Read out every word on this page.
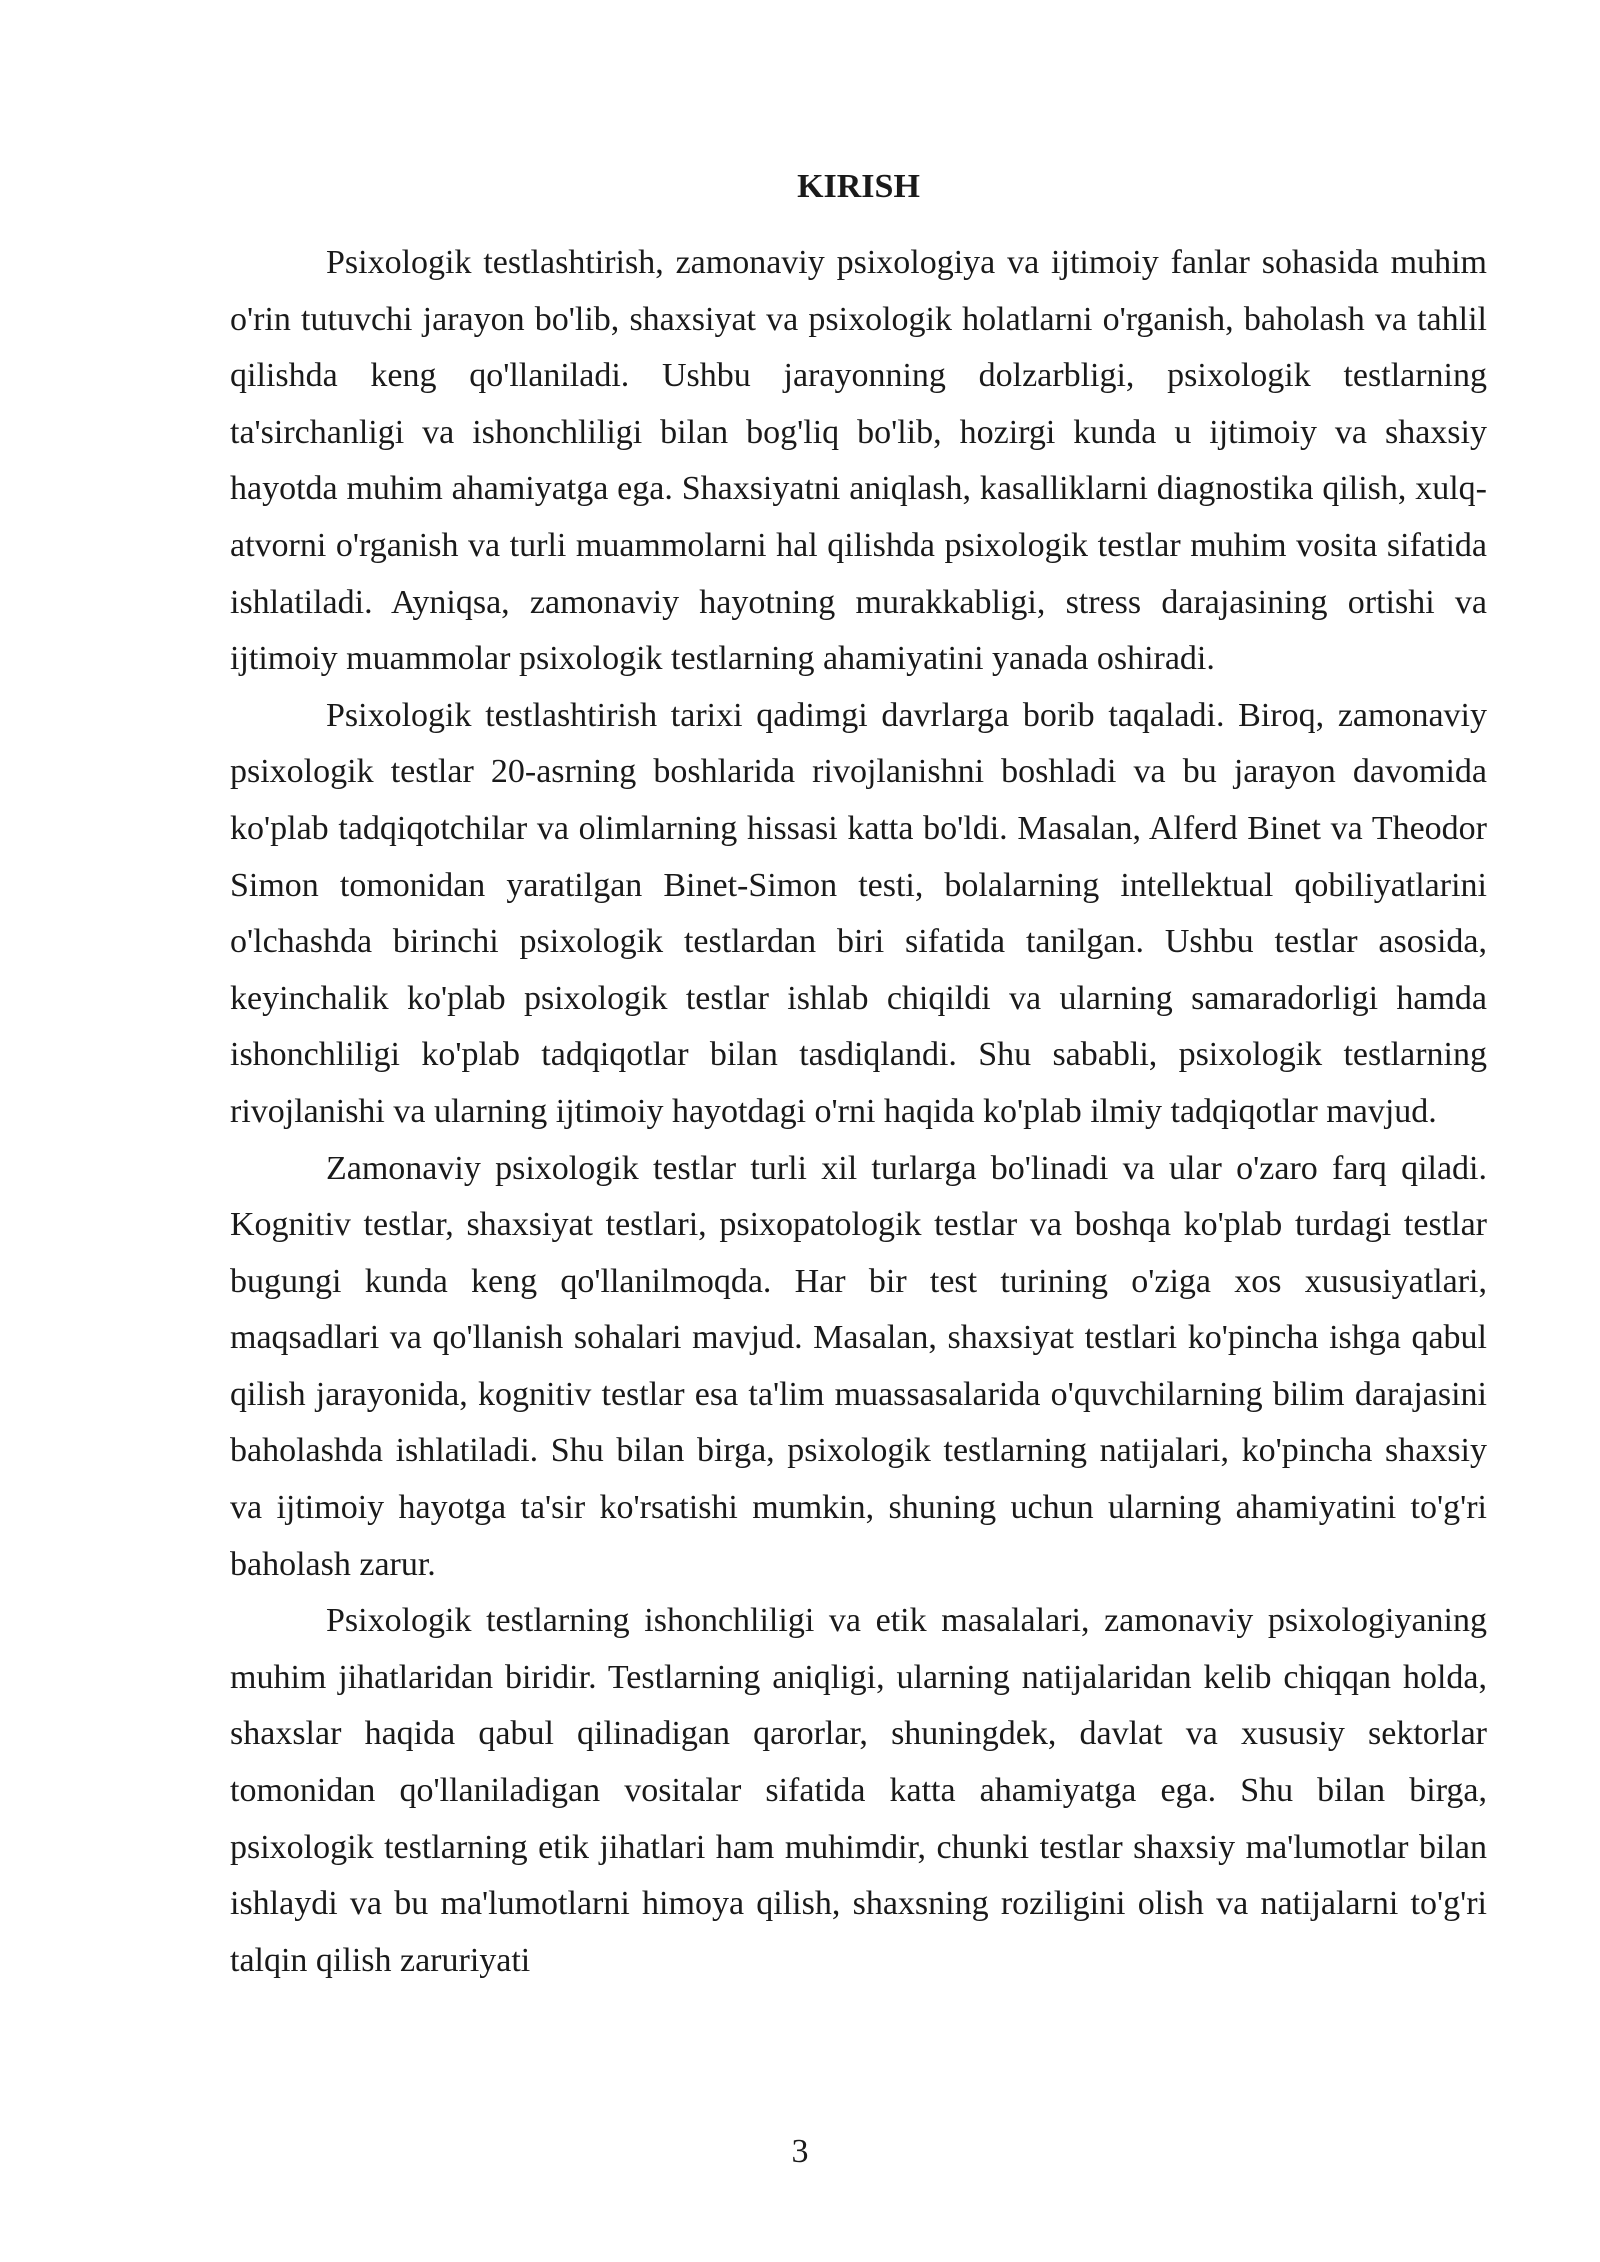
KIRISH

Psixologik testlashtirish, zamonaviy psixologiya va ijtimoiy fanlar sohasida muhim o'rin tutuvchi jarayon bo'lib, shaxsiyat va psixologik holatlarni o'rganish, baholash va tahlil qilishda keng qo'llaniladi. Ushbu jarayonning dolzarbligi, psixologik testlarning ta'sirchanligi va ishonchliligi bilan bog'liq bo'lib, hozirgi kunda u ijtimoiy va shaxsiy hayotda muhim ahamiyatga ega. Shaxsiyatni aniqlash, kasalliklarni diagnostika qilish, xulq-atvorni o'rganish va turli muammolarni hal qilishda psixologik testlar muhim vosita sifatida ishlatiladi. Ayniqsa, zamonaviy hayotning murakkabligi, stress darajasining ortishi va ijtimoiy muammolar psixologik testlarning ahamiyatini yanada oshiradi.

Psixologik testlashtirish tarixi qadimgi davrlarga borib taqaladi. Biroq, zamonaviy psixologik testlar 20-asrning boshlarida rivojlanishni boshladi va bu jarayon davomida ko'plab tadqiqotchilar va olimlarning hissasi katta bo'ldi. Masalan, Alferd Binet va Theodor Simon tomonidan yaratilgan Binet-Simon testi, bolalarning intellektual qobiliyatlarini o'lchashda birinchi psixologik testlardan biri sifatida tanilgan. Ushbu testlar asosida, keyinchalik ko'plab psixologik testlar ishlab chiqildi va ularning samaradorligi hamda ishonchliligi ko'plab tadqiqotlar bilan tasdiqlandi. Shu sababli, psixologik testlarning rivojlanishi va ularning ijtimoiy hayotdagi o'rni haqida ko'plab ilmiy tadqiqotlar mavjud.

Zamonaviy psixologik testlar turli xil turlarga bo'linadi va ular o'zaro farq qiladi. Kognitiv testlar, shaxsiyat testlari, psixopatologik testlar va boshqa ko'plab turdagi testlar bugungi kunda keng qo'llanilmoqda. Har bir test turining o'ziga xos xususiyatlari, maqsadlari va qo'llanish sohalari mavjud. Masalan, shaxsiyat testlari ko'pincha ishga qabul qilish jarayonida, kognitiv testlar esa ta'lim muassasalarida o'quvchilarning bilim darajasini baholashda ishlatiladi. Shu bilan birga, psixologik testlarning natijalari, ko'pincha shaxsiy va ijtimoiy hayotga ta'sir ko'rsatishi mumkin, shuning uchun ularning ahamiyatini to'g'ri baholash zarur.

Psixologik testlarning ishonchliligi va etik masalalari, zamonaviy psixologiyaning muhim jihatlaridan biridir. Testlarning aniqligi, ularning natijalaridan kelib chiqqan holda, shaxslar haqida qabul qilinadigan qarorlar, shuningdek, davlat va xususiy sektorlar tomonidan qo'llaniladigan vositalar sifatida katta ahamiyatga ega. Shu bilan birga, psixologik testlarning etik jihatlari ham muhimdir, chunki testlar shaxsiy ma'lumotlar bilan ishlaydi va bu ma'lumotlarni himoya qilish, shaxsning roziligini olish va natijalarni to'g'ri talqin qilish zaruriyati

3
